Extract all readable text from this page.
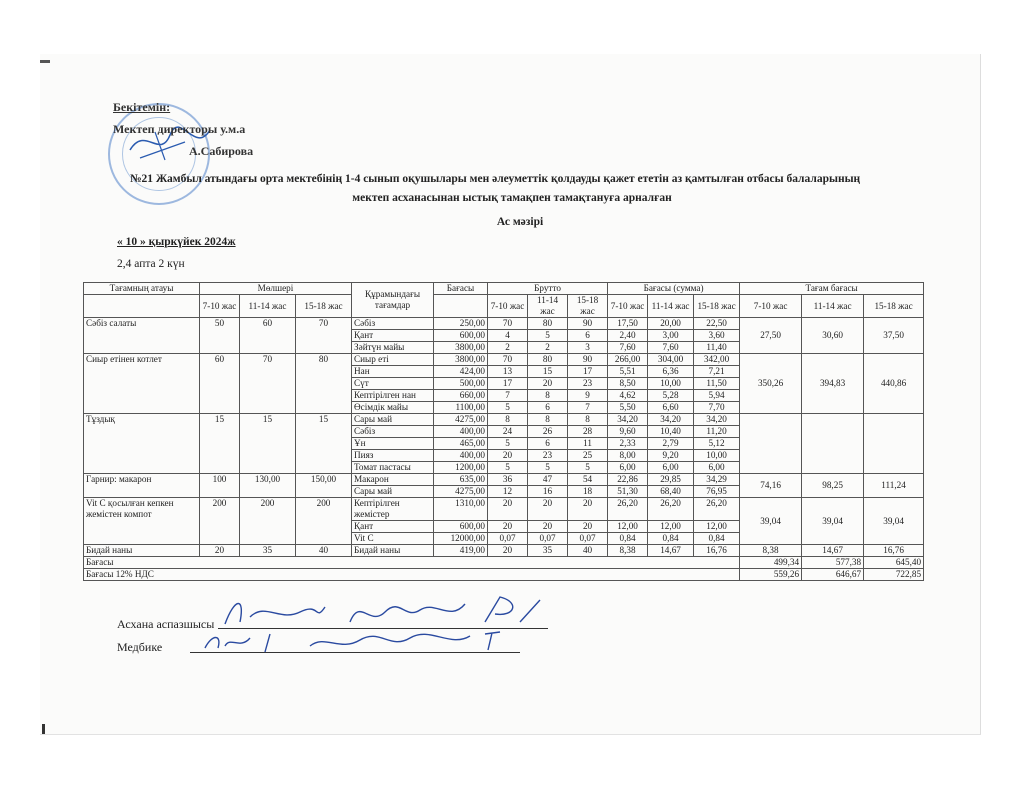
Бекітемін:
Мектеп директоры у.м.а
А.Сабирова
№21 Жамбыл атындағы орта мектебінің 1-4 сынып оқушылары мен әлеуметтік қолдауды қажет ететін аз қамтылған отбасы балаларының
мектеп асханасынан ыстық тамақпен тамақтануға арналған
Ас мәзірі
« 10 » қыркүйек 2024ж
2,4 апта 2 күн
Тағамның атауы	Мөлшері			Құрамындағы тағамдар	Бағасы	Брутто			Бағасы (сумма)			Тағам бағасы		
	7-10 жас	11-14 жас	15-18 жас			7-10 жас	11-14 жас	15-18 жас	7-10 жас	11-14 жас	15-18 жас	7-10 жас	11-14 жас	15-18 жас
Сәбіз салаты	50	60	70	Сәбіз	250,00	70	80	90	17,50	20,00	22,50	27,50	30,60	37,50
				Қант	600,00	4	5	6	2,40	3,00	3,60			
				Зәйтүн майы	3800,00	2	2	3	7,60	7,60	11,40			
Сиыр етінен котлет	60	70	80	Сиыр еті	3800,00	70	80	90	266,00	304,00	342,00	350,26	394,83	440,86
				Нан	424,00	13	15	17	5,51	6,36	7,21			
				Сүт	500,00	17	20	23	8,50	10,00	11,50			
				Кептірілген нан	660,00	7	8	9	4,62	5,28	5,94			
				Өсімдік майы	1100,00	5	6	7	5,50	6,60	7,70			
Тұздық	15	15	15	Сары май	4275,00	8	8	8	34,20	34,20	34,20			
				Сәбіз	400,00	24	26	28	9,60	10,40	11,20			
				Ұн	465,00	5	6	11	2,33	2,79	5,12			
				Пияз	400,00	20	23	25	8,00	9,20	10,00			
				Томат пастасы	1200,00	5	5	5	6,00	6,00	6,00			
Гарнир: макарон	100	130,00	150,00	Макарон	635,00	36	47	54	22,86	29,85	34,29	74,16	98,25	111,24
				Сары май	4275,00	12	16	18	51,30	68,40	76,95			
Vit C қосылған кепкен жемістен компот	200	200	200	Кептірілген жемістер	1310,00	20	20	20	26,20	26,20	26,20	39,04	39,04	39,04
				Қант	600,00	20	20	20	12,00	12,00	12,00			
				Vit C	12000,00	0,07	0,07	0,07	0,84	0,84	0,84			
Бидай наны	20	35	40	Бидай наны	419,00	20	35	40	8,38	14,67	16,76	8,38	14,67	16,76
Бағасы												499,34	577,38	645,40
Бағасы 12% НДС												559,26	646,67	722,85
Асхана аспазшысы
Медбике
